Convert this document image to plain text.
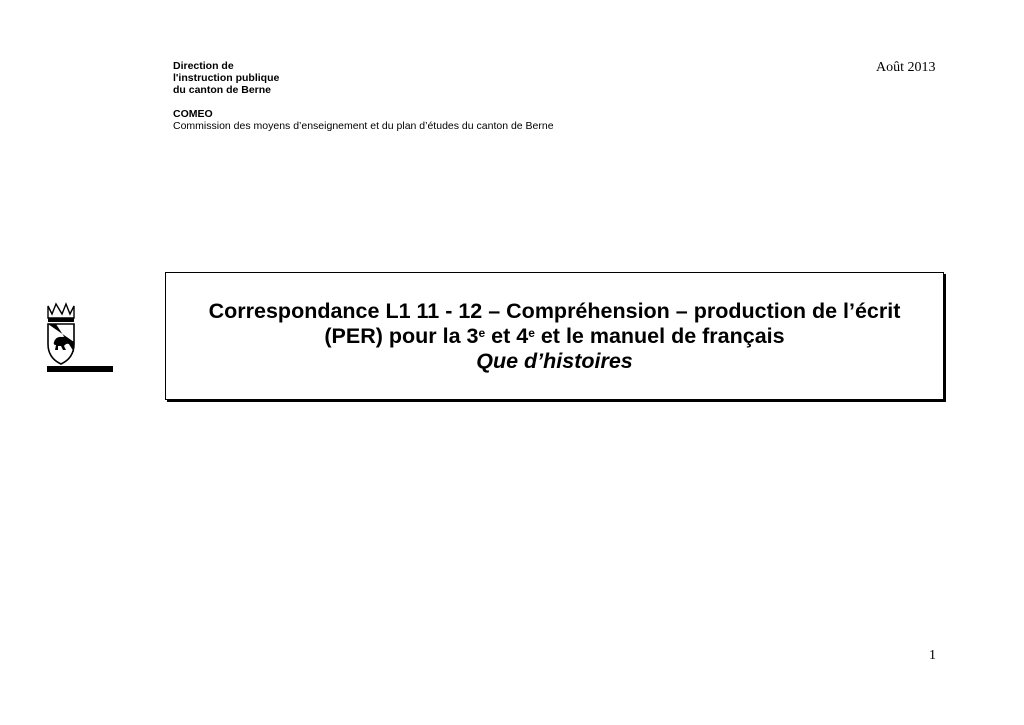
Direction de
l'instruction publique
du canton de Berne
COMEO
Commission des moyens d’enseignement et du plan d’études du canton de Berne
Août 2013
Correspondance L1 11 - 12 – Compréhension – production de l’écrit
(PER) pour la 3e et 4e et le manuel de français
Que d’histoires
1
